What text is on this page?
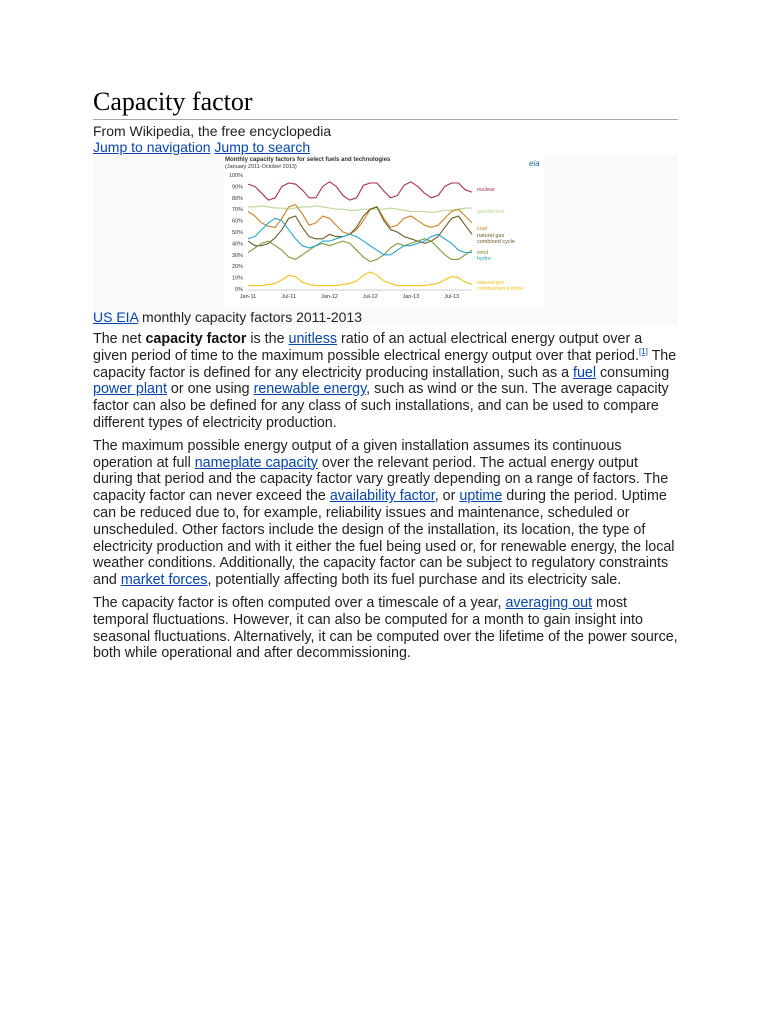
Capacity factor
From Wikipedia, the free encyclopedia
Jump to navigation Jump to search
Monthly capacity factors for select fuels and technologies
(January 2011-October 2013)	eia
0%
10%
20%
30%
40%
50%
60%
70%
80%
90%
100%
Jan-11	Jul-11	Jan-12	Jul-12	Jan-13	Jul-13
nuclear
geothermal
coal
natural gas
combined cycle
wind
hydro
natural gas
combustion turbine
US EIA monthly capacity factors 2011-2013

The net capacity factor is the unitless ratio of an actual electrical energy output over a given period of time to the maximum possible electrical energy output over that period.[1] The capacity factor is defined for any electricity producing installation, such as a fuel consuming power plant or one using renewable energy, such as wind or the sun. The average capacity factor can also be defined for any class of such installations, and can be used to compare different types of electricity production.

The maximum possible energy output of a given installation assumes its continuous operation at full nameplate capacity over the relevant period. The actual energy output during that period and the capacity factor vary greatly depending on a range of factors. The capacity factor can never exceed the availability factor, or uptime during the period. Uptime can be reduced due to, for example, reliability issues and maintenance, scheduled or unscheduled. Other factors include the design of the installation, its location, the type of electricity production and with it either the fuel being used or, for renewable energy, the local weather conditions. Additionally, the capacity factor can be subject to regulatory constraints and market forces, potentially affecting both its fuel purchase and its electricity sale.

The capacity factor is often computed over a timescale of a year, averaging out most temporal fluctuations. However, it can also be computed for a month to gain insight into seasonal fluctuations. Alternatively, it can be computed over the lifetime of the power source, both while operational and after decommissioning.
